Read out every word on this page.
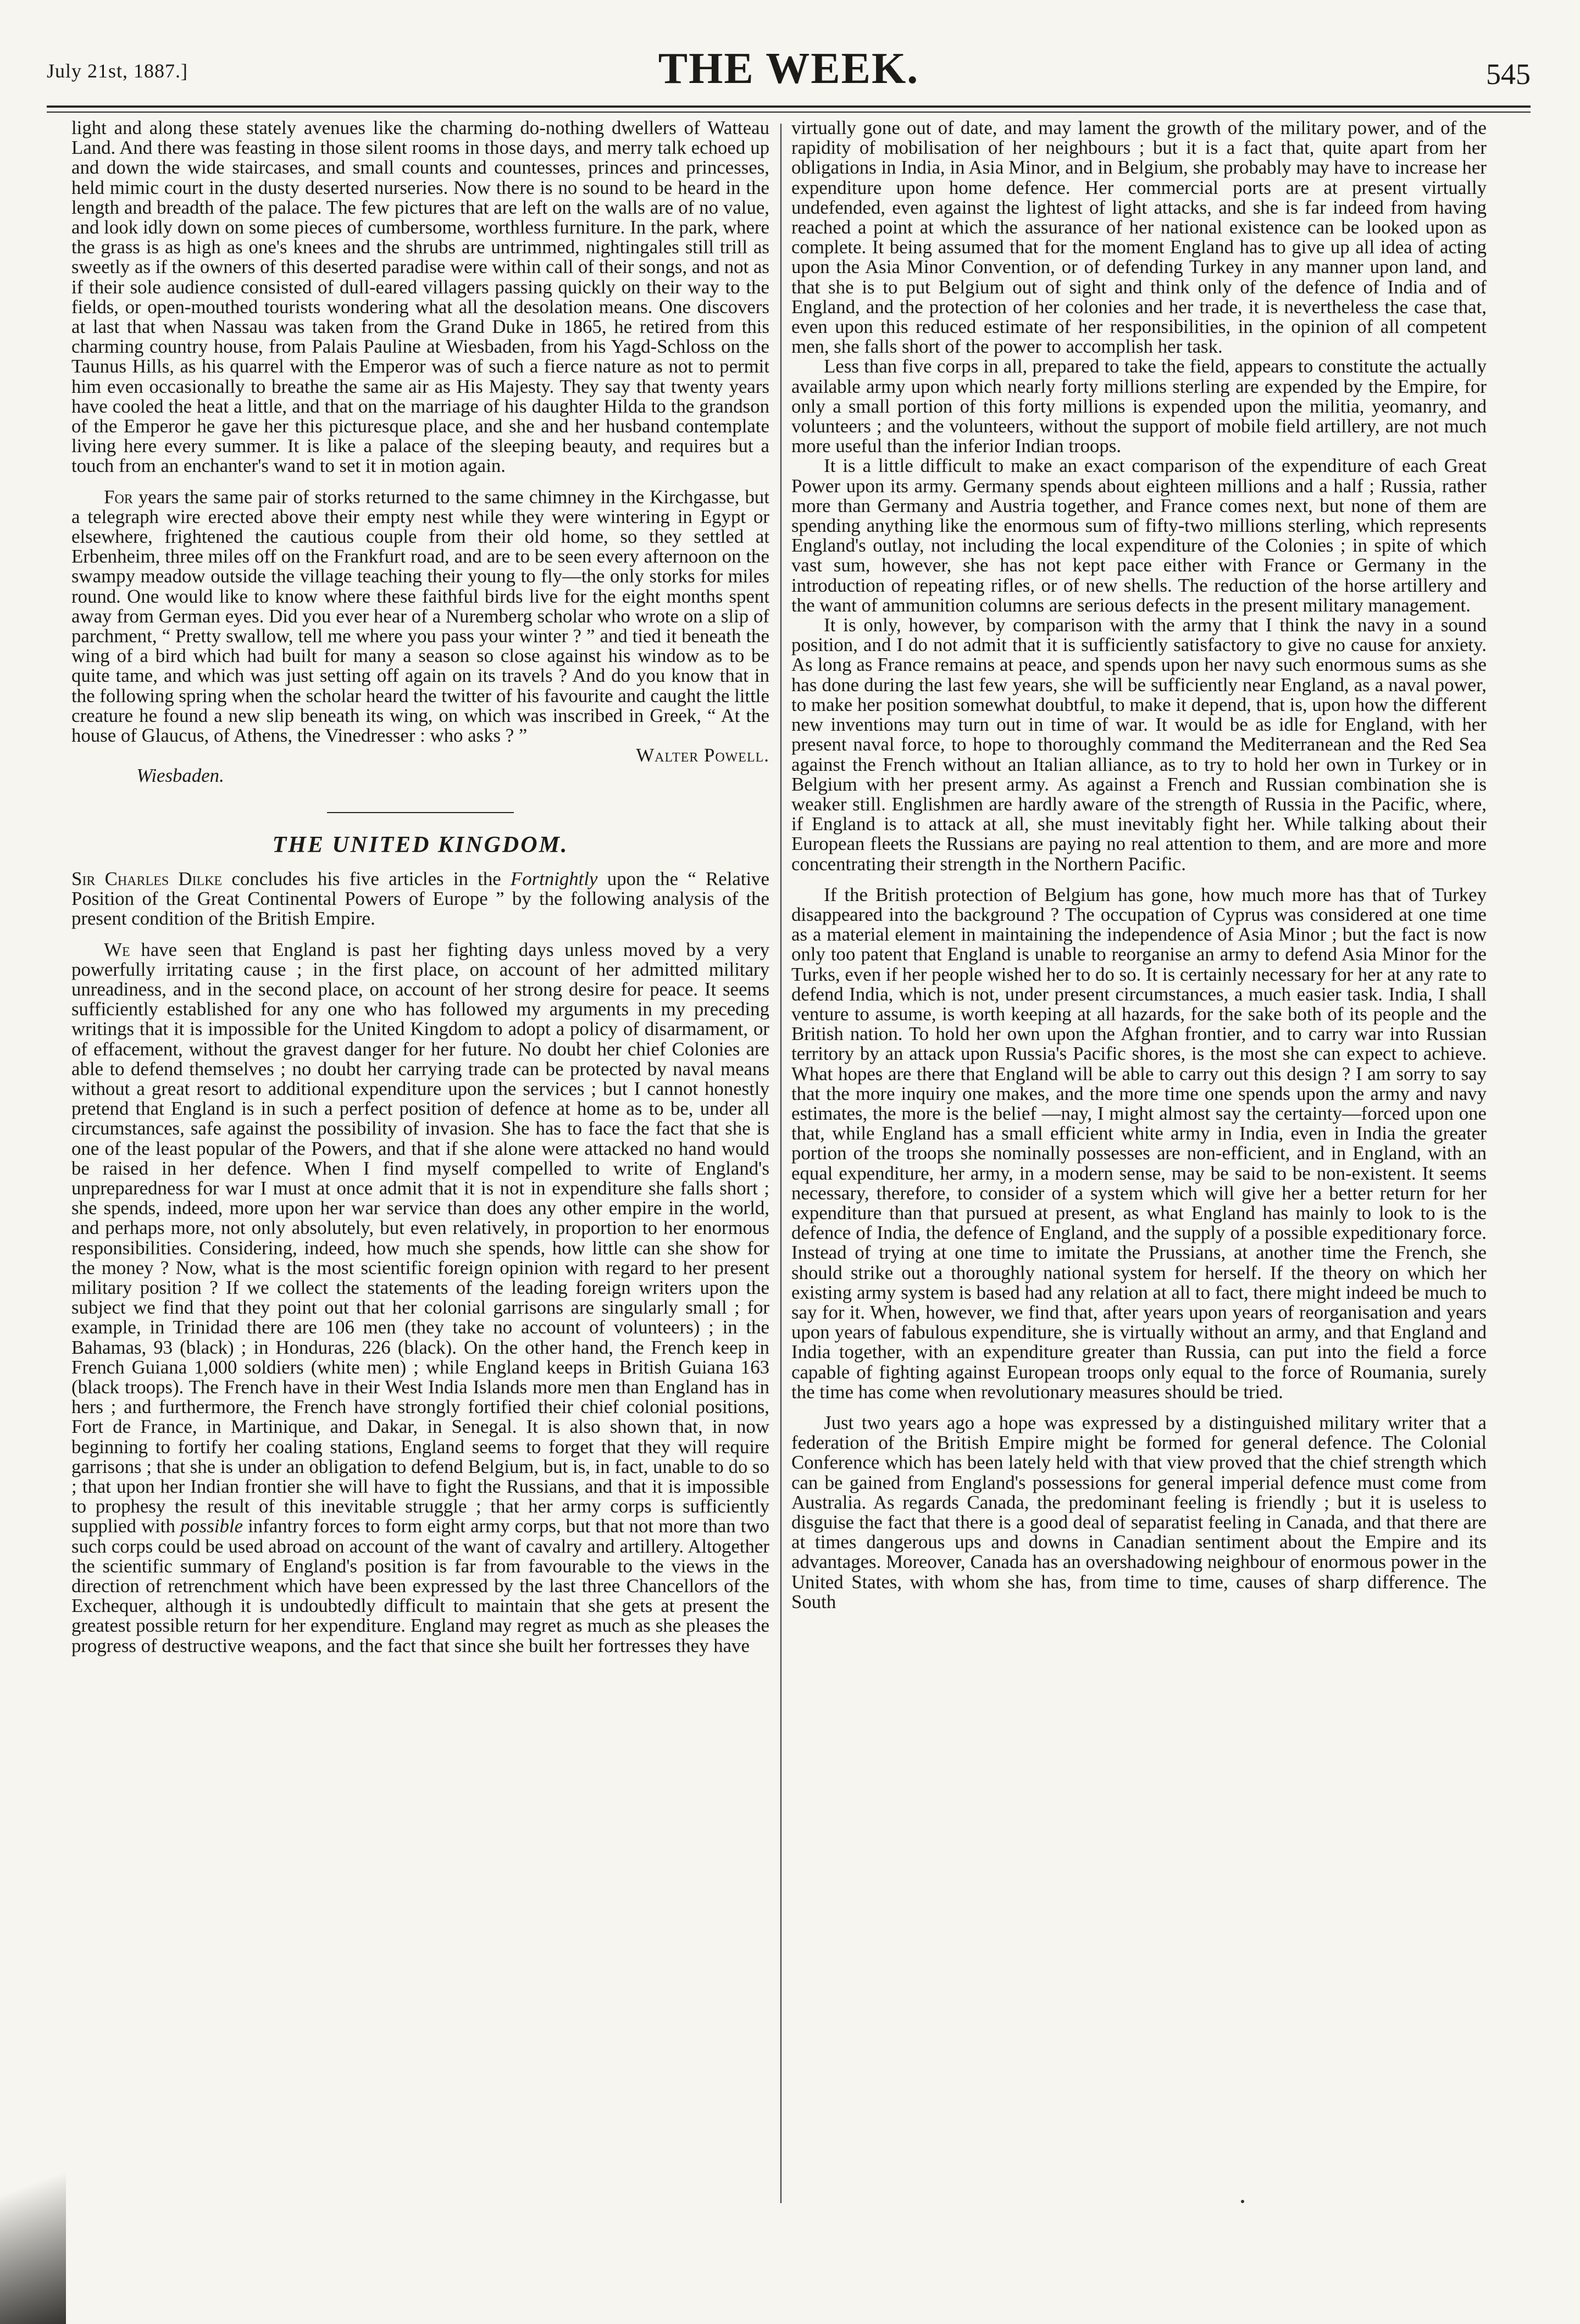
July 21st, 1887.]	THE WEEK.	545

light and along these stately avenues like the charming do-nothing dwellers of Watteau Land. And there was feasting in those silent rooms in those days, and merry talk echoed up and down the wide staircases, and small counts and countesses, princes and princesses, held mimic court in the dusty deserted nurseries. Now there is no sound to be heard in the length and breadth of the palace. The few pictures that are left on the walls are of no value, and look idly down on some pieces of cumbersome, worthless furniture. In the park, where the grass is as high as one's knees and the shrubs are untrimmed, nightingales still trill as sweetly as if the owners of this deserted paradise were within call of their songs, and not as if their sole audience consisted of dull-eared villagers passing quickly on their way to the fields, or open-mouthed tourists wondering what all the desolation means. One discovers at last that when Nassau was taken from the Grand Duke in 1865, he retired from this charming country house, from Palais Pauline at Wiesbaden, from his Yagd-Schloss on the Taunus Hills, as his quarrel with the Emperor was of such a fierce nature as not to permit him even occasionally to breathe the same air as His Majesty. They say that twenty years have cooled the heat a little, and that on the marriage of his daughter Hilda to the grandson of the Emperor he gave her this picturesque place, and she and her husband contemplate living here every summer. It is like a palace of the sleeping beauty, and requires but a touch from an enchanter's wand to set it in motion again.

For years the same pair of storks returned to the same chimney in the Kirchgasse, but a telegraph wire erected above their empty nest while they were wintering in Egypt or elsewhere, frightened the cautious couple from their old home, so they settled at Erbenheim, three miles off on the Frankfurt road, and are to be seen every afternoon on the swampy meadow outside the village teaching their young to fly—the only storks for miles round. One would like to know where these faithful birds live for the eight months spent away from German eyes. Did you ever hear of a Nuremberg scholar who wrote on a slip of parchment, “ Pretty swallow, tell me where you pass your winter ? ” and tied it beneath the wing of a bird which had built for many a season so close against his window as to be quite tame, and which was just setting off again on its travels ? And do you know that in the following spring when the scholar heard the twitter of his favourite and caught the little creature he found a new slip beneath its wing, on which was inscribed in Greek, “ At the house of Glaucus, of Athens, the Vinedresser : who asks ? ”

Walter Powell.

Wiesbaden.

THE UNITED KINGDOM.

Sir Charles Dilke concludes his five articles in the Fortnightly upon the “ Relative Position of the Great Continental Powers of Europe ” by the following analysis of the present condition of the British Empire.

We have seen that England is past her fighting days unless moved by a very powerfully irritating cause ; in the first place, on account of her admitted military unreadiness, and in the second place, on account of her strong desire for peace. It seems sufficiently established for any one who has followed my arguments in my preceding writings that it is impossible for the United Kingdom to adopt a policy of disarmament, or of effacement, without the gravest danger for her future. No doubt her chief Colonies are able to defend themselves ; no doubt her carrying trade can be protected by naval means without a great resort to additional expenditure upon the services ; but I cannot honestly pretend that England is in such a perfect position of defence at home as to be, under all circumstances, safe against the possibility of invasion. She has to face the fact that she is one of the least popular of the Powers, and that if she alone were attacked no hand would be raised in her defence. When I find myself compelled to write of England's unpreparedness for war I must at once admit that it is not in expenditure she falls short ; she spends, indeed, more upon her war service than does any other empire in the world, and perhaps more, not only absolutely, but even relatively, in proportion to her enormous responsibilities. Considering, indeed, how much she spends, how little can she show for the money ? Now, what is the most scientific foreign opinion with regard to her present military position ? If we collect the statements of the leading foreign writers upon the subject we find that they point out that her colonial garrisons are singularly small ; for example, in Trinidad there are 106 men (they take no account of volunteers) ; in the Bahamas, 93 (black) ; in Honduras, 226 (black). On the other hand, the French keep in French Guiana 1,000 soldiers (white men) ; while England keeps in British Guiana 163 (black troops). The French have in their West India Islands more men than England has in hers ; and furthermore, the French have strongly fortified their chief colonial positions, Fort de France, in Martinique, and Dakar, in Senegal. It is also shown that, in now beginning to fortify her coaling stations, England seems to forget that they will require garrisons ; that she is under an obligation to defend Belgium, but is, in fact, unable to do so ; that upon her Indian frontier she will have to fight the Russians, and that it is impossible to prophesy the result of this inevitable struggle ; that her army corps is sufficiently supplied with possible infantry forces to form eight army corps, but that not more than two such corps could be used abroad on account of the want of cavalry and artillery. Altogether the scientific summary of England's position is far from favourable to the views in the direction of retrenchment which have been expressed by the last three Chancellors of the Exchequer, although it is undoubtedly difficult to maintain that she gets at present the greatest possible return for her expenditure. England may regret as much as she pleases the progress of destructive weapons, and the fact that since she built her fortresses they have

virtually gone out of date, and may lament the growth of the military power, and of the rapidity of mobilisation of her neighbours ; but it is a fact that, quite apart from her obligations in India, in Asia Minor, and in Belgium, she probably may have to increase her expenditure upon home defence. Her commercial ports are at present virtually undefended, even against the lightest of light attacks, and she is far indeed from having reached a point at which the assurance of her national existence can be looked upon as complete. It being assumed that for the moment England has to give up all idea of acting upon the Asia Minor Convention, or of defending Turkey in any manner upon land, and that she is to put Belgium out of sight and think only of the defence of India and of England, and the protection of her colonies and her trade, it is nevertheless the case that, even upon this reduced estimate of her responsibilities, in the opinion of all competent men, she falls short of the power to accomplish her task.

Less than five corps in all, prepared to take the field, appears to constitute the actually available army upon which nearly forty millions sterling are expended by the Empire, for only a small portion of this forty millions is expended upon the militia, yeomanry, and volunteers ; and the volunteers, without the support of mobile field artillery, are not much more useful than the inferior Indian troops.

It is a little difficult to make an exact comparison of the expenditure of each Great Power upon its army. Germany spends about eighteen millions and a half ; Russia, rather more than Germany and Austria together, and France comes next, but none of them are spending anything like the enormous sum of fifty-two millions sterling, which represents England's outlay, not including the local expenditure of the Colonies ; in spite of which vast sum, however, she has not kept pace either with France or Germany in the introduction of repeating rifles, or of new shells. The reduction of the horse artillery and the want of ammunition columns are serious defects in the present military management.

It is only, however, by comparison with the army that I think the navy in a sound position, and I do not admit that it is sufficiently satisfactory to give no cause for anxiety. As long as France remains at peace, and spends upon her navy such enormous sums as she has done during the last few years, she will be sufficiently near England, as a naval power, to make her position somewhat doubtful, to make it depend, that is, upon how the different new inventions may turn out in time of war. It would be as idle for England, with her present naval force, to hope to thoroughly command the Mediterranean and the Red Sea against the French without an Italian alliance, as to try to hold her own in Turkey or in Belgium with her present army. As against a French and Russian combination she is weaker still. Englishmen are hardly aware of the strength of Russia in the Pacific, where, if England is to attack at all, she must inevitably fight her. While talking about their European fleets the Russians are paying no real attention to them, and are more and more concentrating their strength in the Northern Pacific.

If the British protection of Belgium has gone, how much more has that of Turkey disappeared into the background ? The occupation of Cyprus was considered at one time as a material element in maintaining the independence of Asia Minor ; but the fact is now only too patent that England is unable to reorganise an army to defend Asia Minor for the Turks, even if her people wished her to do so. It is certainly necessary for her at any rate to defend India, which is not, under present circumstances, a much easier task. India, I shall venture to assume, is worth keeping at all hazards, for the sake both of its people and the British nation. To hold her own upon the Afghan frontier, and to carry war into Russian territory by an attack upon Russia's Pacific shores, is the most she can expect to achieve. What hopes are there that England will be able to carry out this design ? I am sorry to say that the more inquiry one makes, and the more time one spends upon the army and navy estimates, the more is the belief —nay, I might almost say the certainty—forced upon one that, while England has a small efficient white army in India, even in India the greater portion of the troops she nominally possesses are non-efficient, and in England, with an equal expenditure, her army, in a modern sense, may be said to be non-existent. It seems necessary, therefore, to consider of a system which will give her a better return for her expenditure than that pursued at present, as what England has mainly to look to is the defence of India, the defence of England, and the supply of a possible expeditionary force. Instead of trying at one time to imitate the Prussians, at another time the French, she should strike out a thoroughly national system for herself. If the theory on which her existing army system is based had any relation at all to fact, there might indeed be much to say for it. When, however, we find that, after years upon years of reorganisation and years upon years of fabulous expenditure, she is virtually without an army, and that England and India together, with an expenditure greater than Russia, can put into the field a force capable of fighting against European troops only equal to the force of Roumania, surely the time has come when revolutionary measures should be tried.

Just two years ago a hope was expressed by a distinguished military writer that a federation of the British Empire might be formed for general defence. The Colonial Conference which has been lately held with that view proved that the chief strength which can be gained from England's possessions for general imperial defence must come from Australia. As regards Canada, the predominant feeling is friendly ; but it is useless to disguise the fact that there is a good deal of separatist feeling in Canada, and that there are at times dangerous ups and downs in Canadian sentiment about the Empire and its advantages. Moreover, Canada has an overshadowing neighbour of enormous power in the United States, with whom she has, from time to time, causes of sharp difference. The South
